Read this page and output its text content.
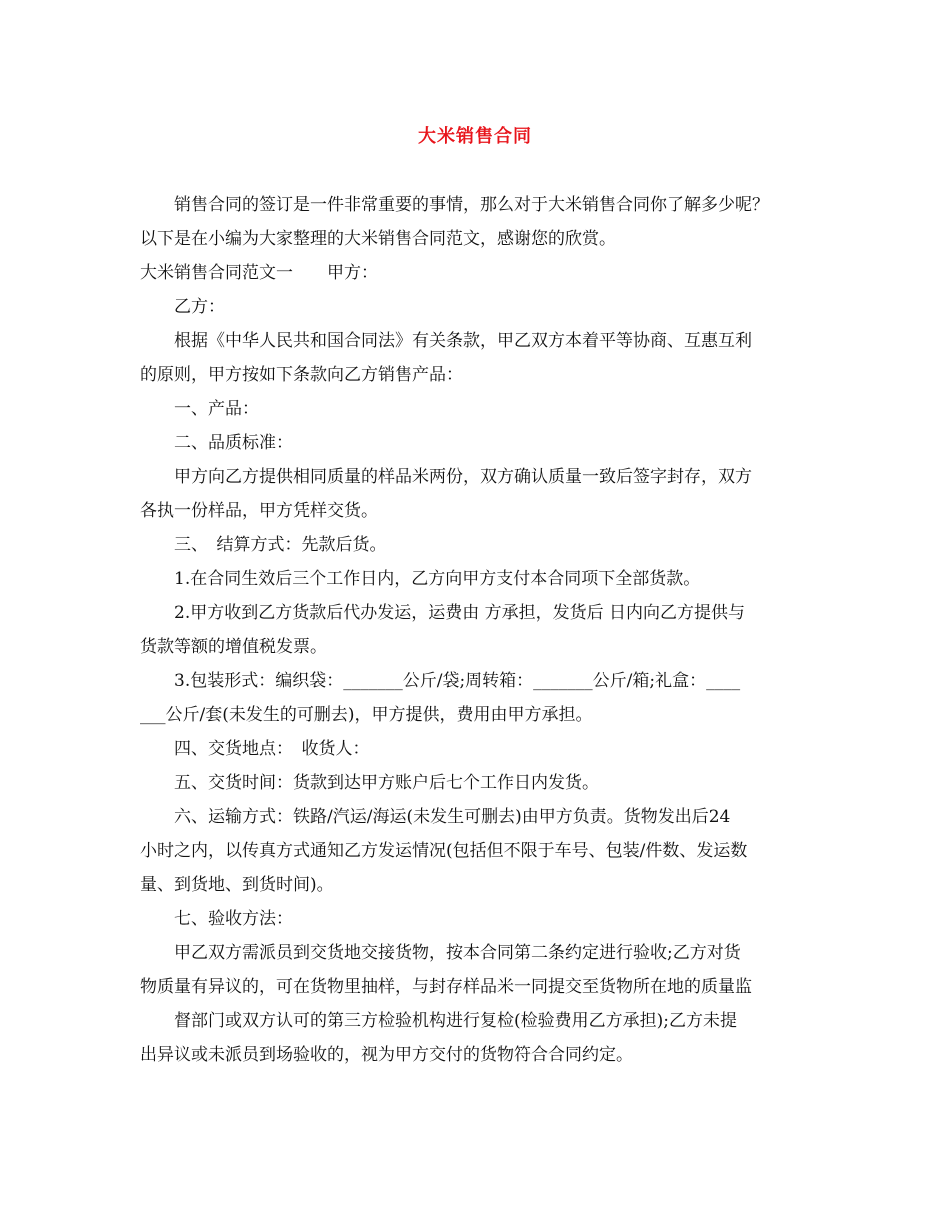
大米销售合同

销售合同的签订是一件非常重要的事情，那么对于大米销售合同你了解多少呢？

以下是在小编为大家整理的大米销售合同范文，感谢您的欣赏。

大米销售合同范文一　　甲方：

乙方：

根据《中华人民共和国合同法》有关条款，甲乙双方本着平等协商、互惠互利

的原则，甲方按如下条款向乙方销售产品：

一、产品：

二、品质标准：

甲方向乙方提供相同质量的样品米两份，双方确认质量一致后签字封存，双方

各执一份样品，甲方凭样交货。

三、　结算方式：先款后货。

1.在合同生效后三个工作日内，乙方向甲方支付本合同项下全部货款。

2.甲方收到乙方货款后代办发运，运费由 方承担，发货后 日内向乙方提供与

货款等额的增值税发票。

3.包装形式：编织袋：_______公斤/袋;周转箱：_______公斤/箱;礼盒：____

___公斤/套(未发生的可删去)，甲方提供，费用由甲方承担。

四、交货地点：　收货人：

五、交货时间：货款到达甲方账户后七个工作日内发货。

六、运输方式：铁路/汽运/海运(未发生可删去)由甲方负责。货物发出后24

小时之内，以传真方式通知乙方发运情况(包括但不限于车号、包装/件数、发运数

量、到货地、到货时间)。

七、验收方法：

甲乙双方需派员到交货地交接货物，按本合同第二条约定进行验收;乙方对货

物质量有异议的，可在货物里抽样，与封存样品米一同提交至货物所在地的质量监

督部门或双方认可的第三方检验机构进行复检(检验费用乙方承担);乙方未提

出异议或未派员到场验收的，视为甲方交付的货物符合合同约定。
